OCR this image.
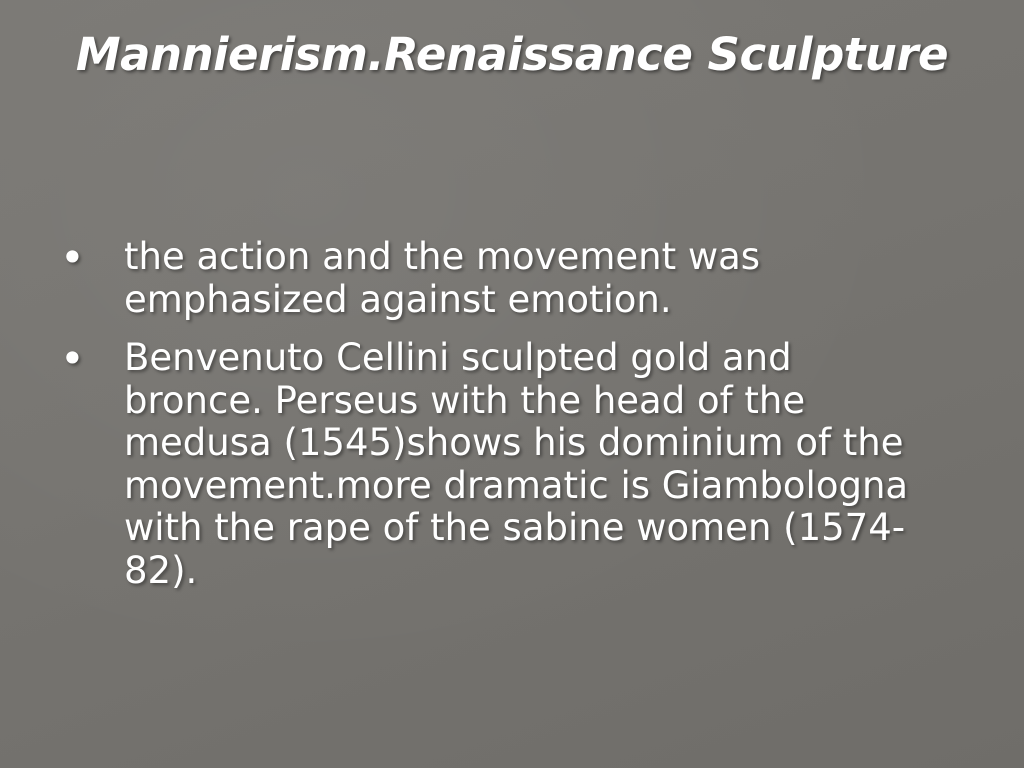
Mannierism.Renaissance Sculpture
• the action and the movement was emphasized against emotion.
• Benvenuto Cellini sculpted gold and bronce. Perseus with the head of the medusa (1545)shows his dominium of the movement.more dramatic is Giambologna with the rape of the sabine women (1574-82).
